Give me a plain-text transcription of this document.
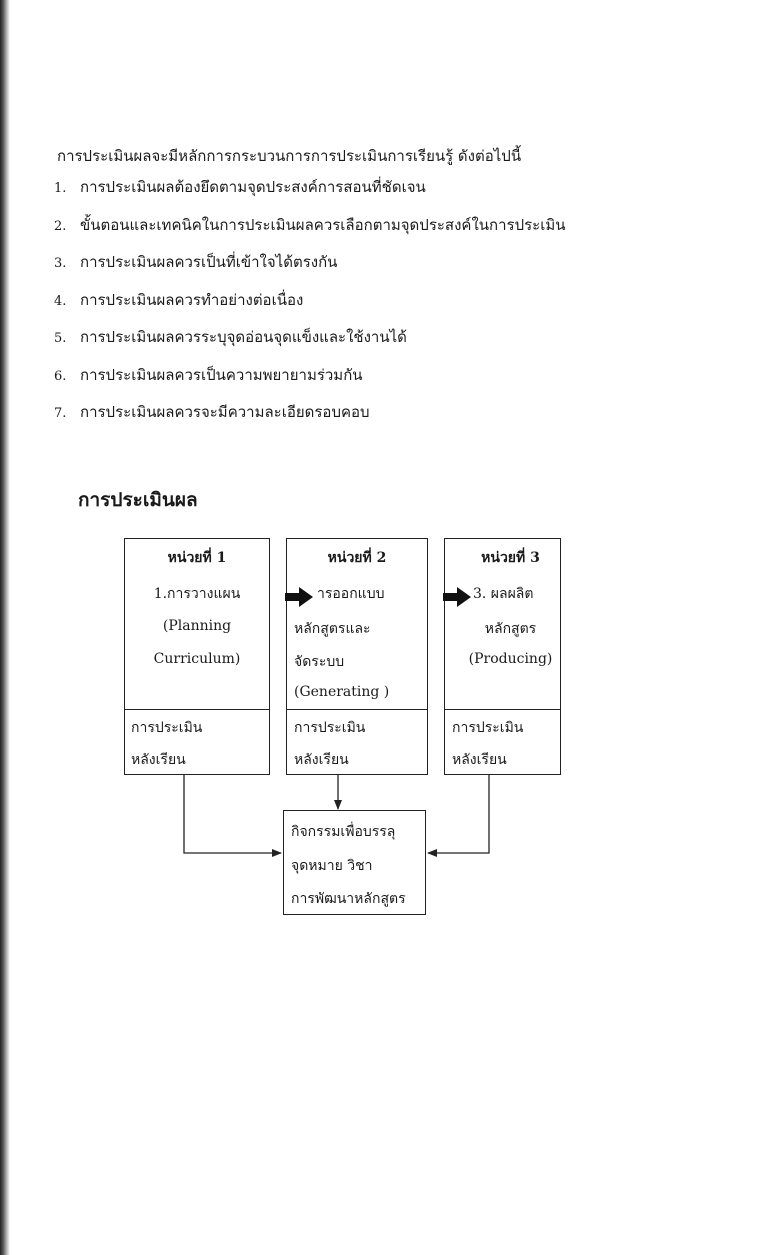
การประเมินผลจะมีหลักการกระบวนการการประเมินการเรียนรู้ ดังต่อไปนี้
1. การประเมินผลต้องยึดตามจุดประสงค์การสอนที่ชัดเจน
2. ขั้นตอนและเทคนิคในการประเมินผลควรเลือกตามจุดประสงค์ในการประเมิน
3. การประเมินผลควรเป็นที่เข้าใจได้ตรงกัน
4. การประเมินผลควรทำอย่างต่อเนื่อง
5. การประเมินผลควรระบุจุดอ่อนจุดแข็งและใช้งานได้
6. การประเมินผลควรเป็นความพยายามร่วมกัน
7. การประเมินผลควรจะมีความละเอียดรอบคอบ
การประเมินผล
หน่วยที่ 1
1.การวางแผน
(Planning
Curriculum)
การประเมิน
หลังเรียน
หน่วยที่ 2
ารออกแบบ
หลักสูตรและ
จัดระบบ
(Generating )
การประเมิน
หลังเรียน
หน่วยที่ 3
3. ผลผลิต
หลักสูตร
(Producing)
การประเมิน
หลังเรียน
กิจกรรมเพื่อบรรลุ
จุดหมาย วิชา
การพัฒนาหลักสูตร
